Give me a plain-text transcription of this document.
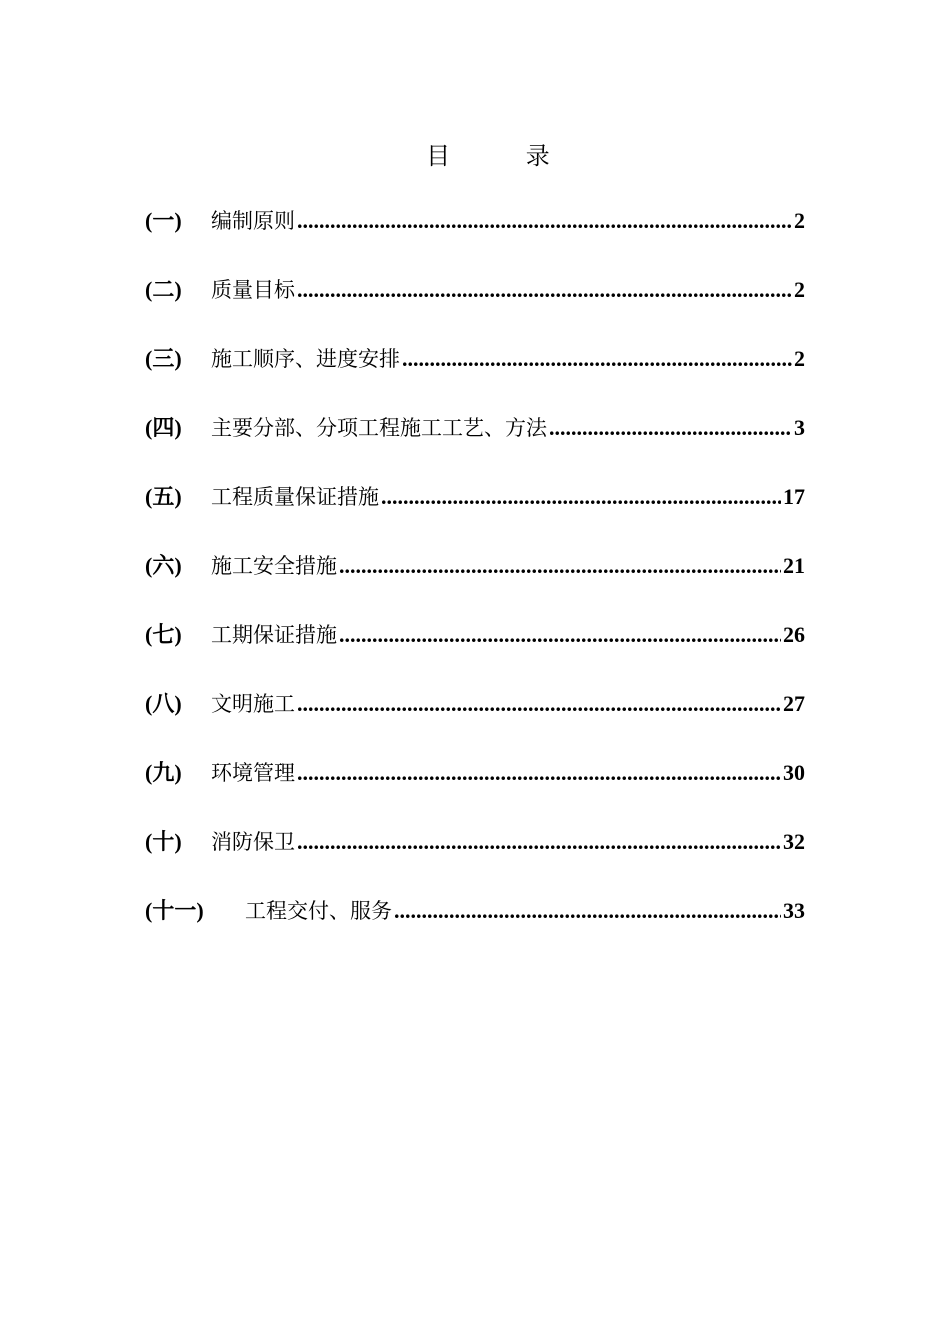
目 录
(一)	编制原则 .....	2
(二)	质量目标 .....	2
(三)	施工顺序、进度安排 .....	2
(四)	主要分部、分项工程施工工艺、方法 .....	3
(五)	工程质量保证措施 .....	17
(六)	施工安全措施 .....	21
(七)	工期保证措施 .....	26
(八)	文明施工 .....	27
(九)	环境管理 .....	30
(十)	消防保卫 .....	32
(十一)	工程交付、服务 .....	33
